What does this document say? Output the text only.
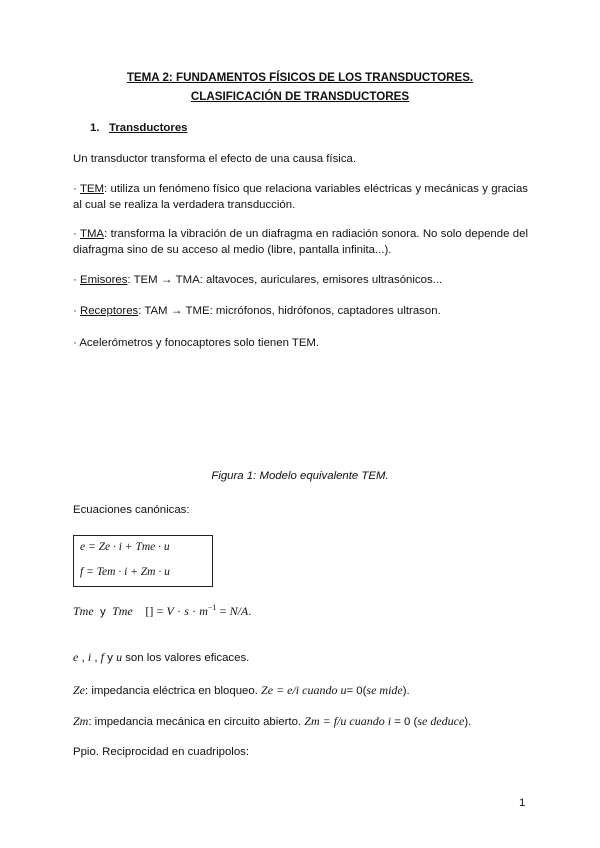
TEMA 2: FUNDAMENTOS FÍSICOS DE LOS TRANSDUCTORES.
CLASIFICACIÓN DE TRANSDUCTORES
1. Transductores
Un transductor transforma el efecto de una causa física.
· TEM: utiliza un fenómeno físico que relaciona variables eléctricas y mecánicas y gracias al cual se realiza la verdadera transducción.
· TMA: transforma la vibración de un diafragma en radiación sonora. No solo depende del diafragma sino de su acceso al medio (libre, pantalla infinita...).
· Emisores: TEM → TMA: altavoces, auriculares, emisores ultrasónicos...
· Receptores: TAM → TME: micrófonos, hidrófonos, captadores ultrason.
· Acelerómetros y fonocaptores solo tienen TEM.
Figura 1: Modelo equivalente TEM.
Ecuaciones canónicas:
e = Ze · i + Tme · u
f = Tem · i + Zm · u
Tme y Tme [] = $V \cdot s \cdot m^{-1} = N/A$.
e , i , f y u son los valores eficaces.
Ze: impedancia eléctrica en bloqueo. Ze = e/i cuando u= 0(se mide).
Zm: impedancia mecánica en circuito abierto. Zm = f/u cuando i = 0 (se deduce).
Ppio. Reciprocidad en cuadripolos:
1
